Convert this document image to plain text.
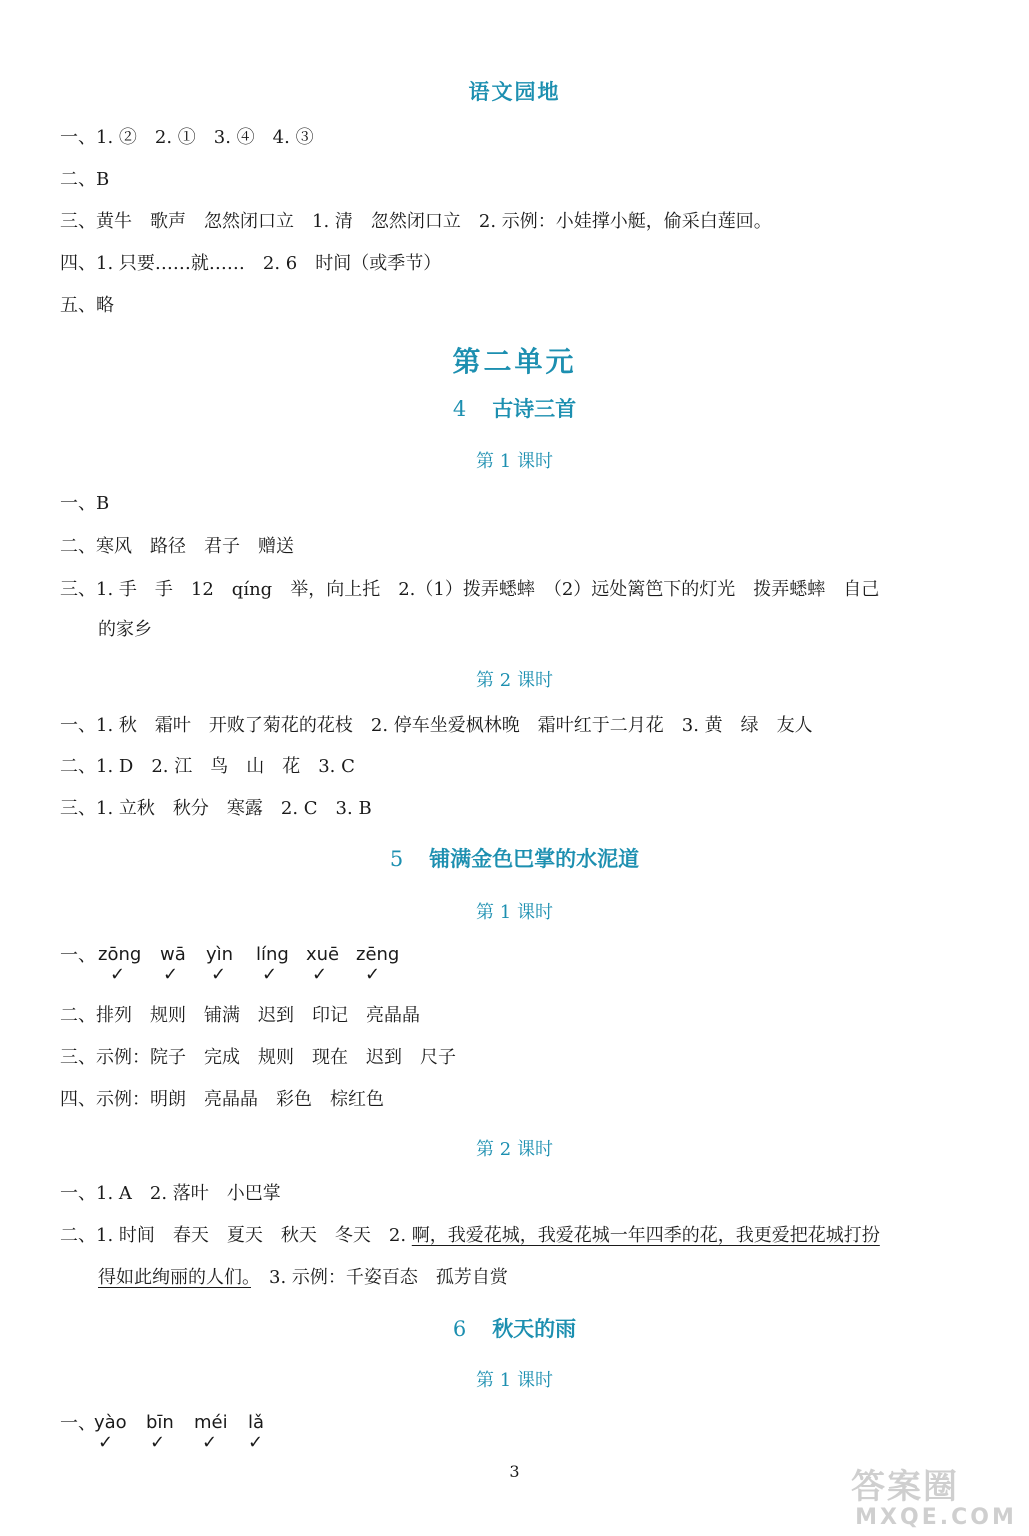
语文园地
一、1. ②　2. ①　3. ④　4. ③
二、B
三、黄牛　歌声　忽然闭口立　1. 清　忽然闭口立　2. 示例：小娃撑小艇，偷采白莲回。
四、1. 只要……就……　2. 6　时间（或季节）
五、略
第二单元
4 古诗三首
第 1 课时
一、B
二、寒风　路径　君子　赠送
三、1. 手　手　12　qíng　举，向上托　2.（1）拨弄蟋蟀　（2）远处篱笆下的灯光　拨弄蟋蟀　自己
的家乡
第 2 课时
一、1. 秋　霜叶　开败了菊花的花枝　2. 停车坐爱枫林晚　霜叶红于二月花　3. 黄　绿　友人
二、1. D　2. 江　鸟　山　花　3. C
三、1. 立秋　秋分　寒露　2. C　3. B
5 铺满金色巴掌的水泥道
第 1 课时
一、 zōng wā yìn líng xuē zēng
✓ ✓ ✓ ✓ ✓ ✓
二、排列　规则　铺满　迟到　印记　亮晶晶
三、示例：院子　完成　规则　现在　迟到　尺子
四、示例：明朗　亮晶晶　彩色　棕红色
第 2 课时
一、1. A　2. 落叶　小巴掌
二、1. 时间　春天　夏天　秋天　冬天　2. 啊，我爱花城，我爱花城一年四季的花，我更爱把花城打扮
得如此绚丽的人们。　3. 示例：千姿百态　孤芳自赏
6 秋天的雨
第 1 课时
一、
yào bīn méi lǎ
✓ ✓ ✓ ✓
3	答案圈
MXQE.COM
